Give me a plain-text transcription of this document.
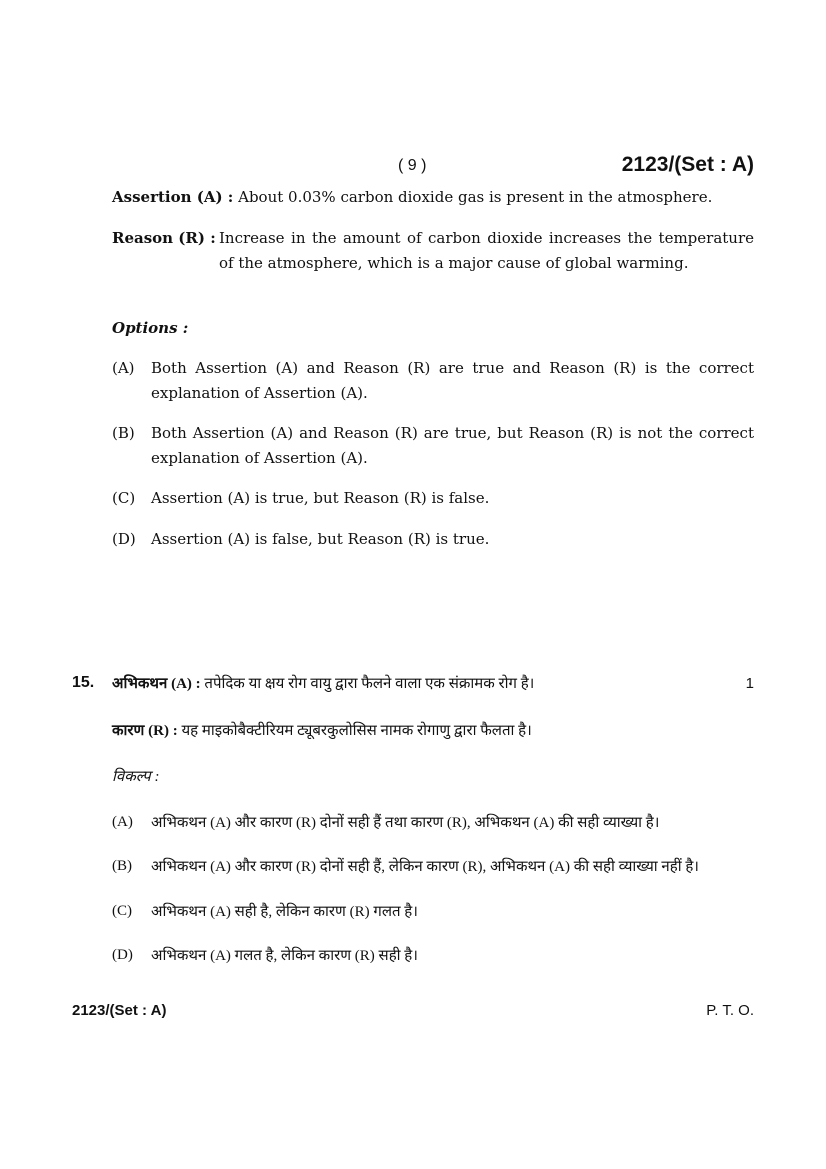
( 9 )	2123/(Set : A)
Assertion (A) : About 0.03% carbon dioxide gas is present in the atmosphere.
Reason (R) : Increase in the amount of carbon dioxide increases the temperature of the atmosphere, which is a major cause of global warming.
Options :
(A) Both Assertion (A) and Reason (R) are true and Reason (R) is the correct explanation of Assertion (A).
(B) Both Assertion (A) and Reason (R) are true, but Reason (R) is not the correct explanation of Assertion (A).
(C) Assertion (A) is true, but Reason (R) is false.
(D) Assertion (A) is false, but Reason (R) is true.
15. अभिकथन (A) : तपेदिक या क्षय रोग वायु द्वारा फैलने वाला एक संक्रामक रोग है।	1
कारण (R) : यह माइकोबैक्टीरियम ट्यूबरकुलोसिस नामक रोगाणु द्वारा फैलता है।
विकल्प :
(A) अभिकथन (A) और कारण (R) दोनों सही हैं तथा कारण (R), अभिकथन (A) की सही व्याख्या है।
(B) अभिकथन (A) और कारण (R) दोनों सही हैं, लेकिन कारण (R), अभिकथन (A) की सही व्याख्या नहीं है।
(C) अभिकथन (A) सही है, लेकिन कारण (R) गलत है।
(D) अभिकथन (A) गलत है, लेकिन कारण (R) सही है।
2123/(Set : A)	P. T. O.
